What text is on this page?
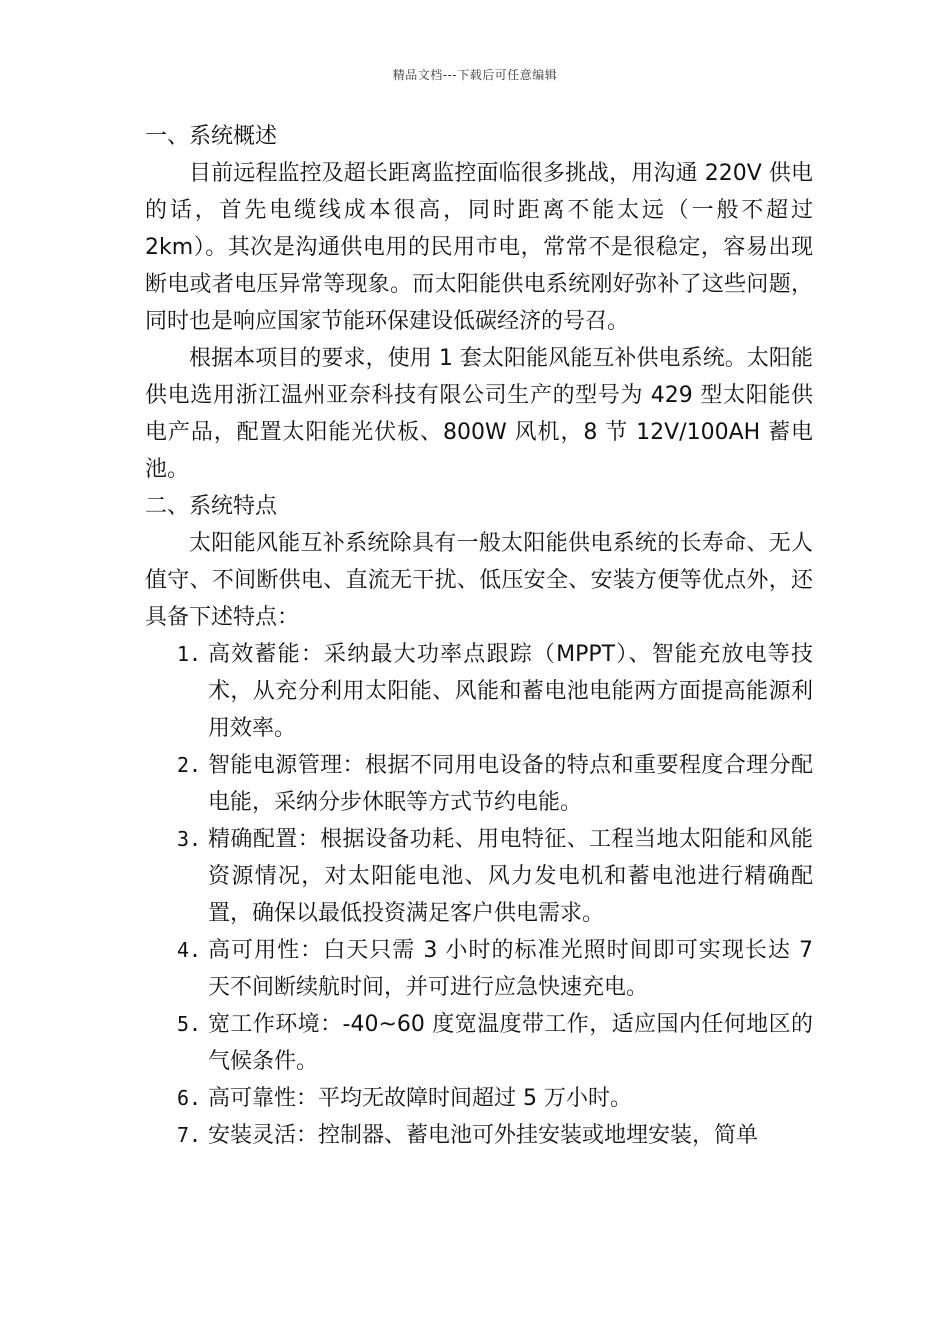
精品文档---下载后可任意编辑
一、系统概述

目前远程监控及超长距离监控面临很多挑战，用沟通 220V 供电的话，首先电缆线成本很高，同时距离不能太远（一般不超过 2km）。其次是沟通供电用的民用市电，常常不是很稳定，容易出现断电或者电压异常等现象。而太阳能供电系统刚好弥补了这些问题，同时也是响应国家节能环保建设低碳经济的号召。

根据本项目的要求，使用 1 套太阳能风能互补供电系统。太阳能供电选用浙江温州亚奈科技有限公司生产的型号为 429 型太阳能供电产品，配置太阳能光伏板、800W 风机，8 节 12V/100AH 蓄电池。

二、系统特点

太阳能风能互补系统除具有一般太阳能供电系统的长寿命、无人值守、不间断供电、直流无干扰、低压安全、安装方便等优点外，还具备下述特点：

1. 高效蓄能：采纳最大功率点跟踪（MPPT）、智能充放电等技术，从充分利用太阳能、风能和蓄电池电能两方面提高能源利用效率。
2. 智能电源管理：根据不同用电设备的特点和重要程度合理分配电能，采纳分步休眠等方式节约电能。
3. 精确配置：根据设备功耗、用电特征、工程当地太阳能和风能资源情况，对太阳能电池、风力发电机和蓄电池进行精确配置，确保以最低投资满足客户供电需求。
4. 高可用性：白天只需 3 小时的标准光照时间即可实现长达 7 天不间断续航时间，并可进行应急快速充电。
5. 宽工作环境：-40~60 度宽温度带工作，适应国内任何地区的气候条件。
6. 高可靠性：平均无故障时间超过 5 万小时。
7. 安装灵活：控制器、蓄电池可外挂安装或地埋安装，简单
